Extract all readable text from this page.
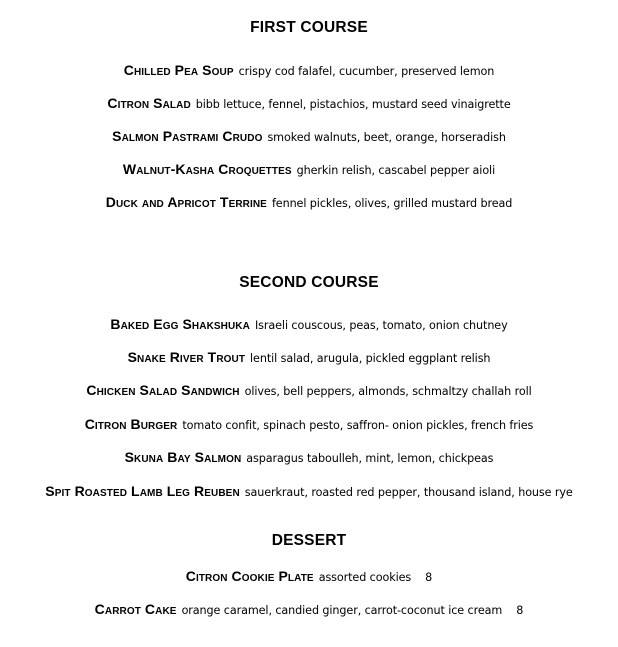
FIRST COURSE
Chilled Pea Soup crispy cod falafel, cucumber, preserved lemon
Citron Salad bibb lettuce, fennel, pistachios, mustard seed vinaigrette
Salmon Pastrami Crudo smoked walnuts, beet, orange, horseradish
Walnut-Kasha Croquettes gherkin relish, cascabel pepper aioli
Duck and Apricot Terrine fennel pickles, olives, grilled mustard bread
SECOND COURSE
Baked Egg Shakshuka Israeli couscous, peas, tomato, onion chutney
Snake River Trout lentil salad, arugula, pickled eggplant relish
Chicken Salad Sandwich olives, bell peppers, almonds, schmaltzy challah roll
Citron Burger tomato confit, spinach pesto, saffron- onion pickles, french fries
Skuna Bay Salmon asparagus taboulleh, mint, lemon, chickpeas
Spit Roasted Lamb Leg Reuben sauerkraut, roasted red pepper, thousand island, house rye
DESSERT
Citron Cookie Plate assorted cookies 8
Carrot Cake orange caramel, candied ginger, carrot-coconut ice cream 8
